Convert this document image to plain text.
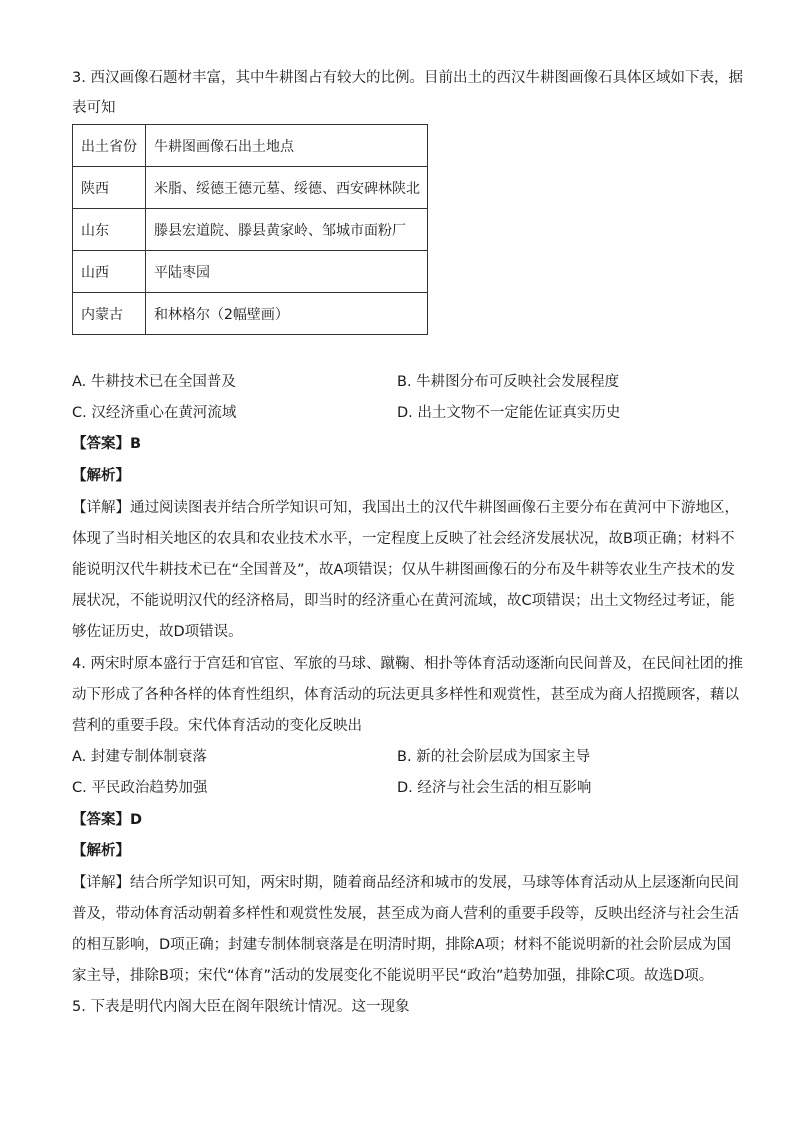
3. 西汉画像石题材丰富，其中牛耕图占有较大的比例。目前出土的西汉牛耕图画像石具体区域如下表，据
表可知
出土省份	牛耕图画像石出土地点
陕西	米脂、绥德王德元墓、绥德、西安碑林陕北
山东	滕县宏道院、滕县黄家岭、邹城市面粉厂
山西	平陆枣园
内蒙古	和林格尔（2幅壁画）
A. 牛耕技术已在全国普及	B. 牛耕图分布可反映社会发展程度
C. 汉经济重心在黄河流域	D. 出土文物不一定能佐证真实历史
【答案】B
【解析】
【详解】通过阅读图表并结合所学知识可知，我国出土的汉代牛耕图画像石主要分布在黄河中下游地区，
体现了当时相关地区的农具和农业技术水平，一定程度上反映了社会经济发展状况，故B项正确；材料不
能说明汉代牛耕技术已在“全国普及”，故A项错误；仅从牛耕图画像石的分布及牛耕等农业生产技术的发
展状况，不能说明汉代的经济格局，即当时的经济重心在黄河流域，故C项错误；出土文物经过考证，能
够佐证历史，故D项错误。
4. 两宋时原本盛行于宫廷和官宦、军旅的马球、蹴鞠、相扑等体育活动逐渐向民间普及，在民间社团的推
动下形成了各种各样的体育性组织，体育活动的玩法更具多样性和观赏性，甚至成为商人招揽顾客，藉以
营利的重要手段。宋代体育活动的变化反映出
A. 封建专制体制衰落	B. 新的社会阶层成为国家主导
C. 平民政治趋势加强	D. 经济与社会生活的相互影响
【答案】D
【解析】
【详解】结合所学知识可知，两宋时期，随着商品经济和城市的发展，马球等体育活动从上层逐渐向民间
普及，带动体育活动朝着多样性和观赏性发展，甚至成为商人营利的重要手段等，反映出经济与社会生活
的相互影响，D项正确；封建专制体制衰落是在明清时期，排除A项；材料不能说明新的社会阶层成为国
家主导，排除B项；宋代“体育”活动的发展变化不能说明平民“政治”趋势加强，排除C项。故选D项。
5. 下表是明代内阁大臣在阁年限统计情况。这一现象
